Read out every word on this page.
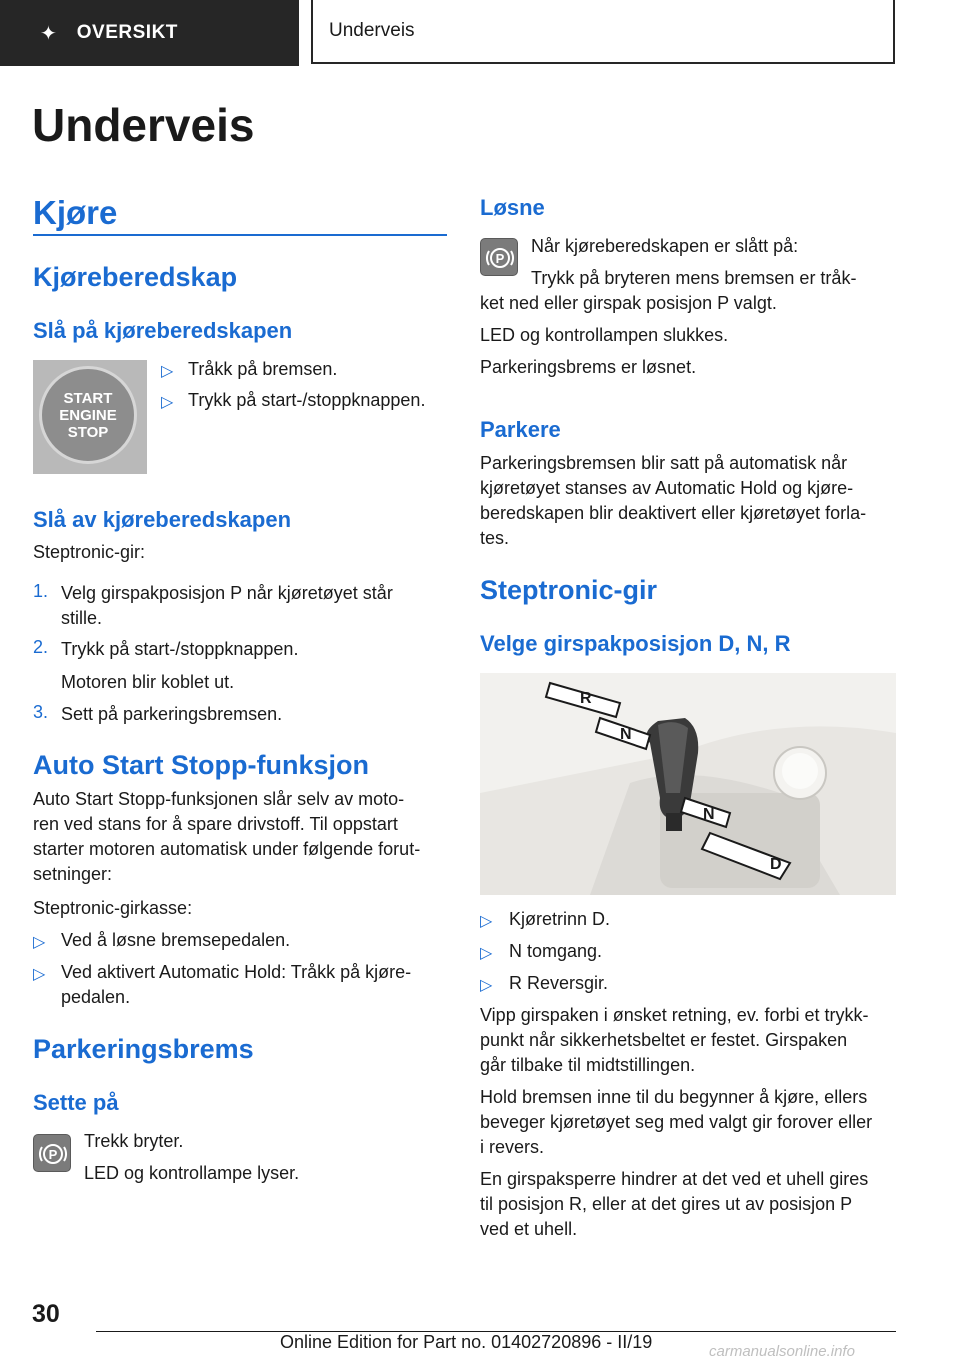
✦ OVERSIKT	Underveis
Underveis
Kjøre
Kjøreberedskap
Slå på kjøreberedskapen
START
ENGINE
STOP
▷ Tråkk på bremsen.

▷ Trykk på start-/stoppknappen.

Slå av kjøreberedskapen

Steptronic-gir:

1. Velg girspakposisjon P når kjøretøyet står

stille.

2. Trykk på start-/stoppknappen.

Motoren blir koblet ut.

3. Sett på parkeringsbremsen.

Auto Start Stopp-funksjon

Auto Start Stopp-funksjonen slår selv av moto-

ren ved stans for å spare drivstoff. Til oppstart

starter motoren automatisk under følgende forut-

setninger:

Steptronic-girkasse:

▷ Ved å løsne bremsepedalen.

▷ Ved aktivert Automatic Hold: Tråkk på kjøre-

pedalen.

Parkeringsbrems
Sette på
P

Trekk bryter.

LED og kontrollampe lyser.

Løsne
P

Når kjøreberedskapen er slått på:

Trykk på bryteren mens bremsen er tråk-

ket ned eller girspak posisjon P valgt.

LED og kontrollampen slukkes.

Parkeringsbrems er løsnet.

Parkere

Parkeringsbremsen blir satt på automatisk når

kjøretøyet stanses av Automatic Hold og kjøre-

beredskapen blir deaktivert eller kjøretøyet forla-

tes.

Steptronic-gir
Velge girspakposisjon D, N, R
R
N
N
D
▷ Kjøretrinn D.

▷ N tomgang.

▷ R Reversgir.

Vipp girspaken i ønsket retning, ev. forbi et trykk-

punkt når sikkerhetsbeltet er festet. Girspaken

går tilbake til midtstillingen.

Hold bremsen inne til du begynner å kjøre, ellers

beveger kjøretøyet seg med valgt gir forover eller

i revers.

En girspaksperre hindrer at det ved et uhell gires

til posisjon R, eller at det gires ut av posisjon P

ved et uhell.

30
Online Edition for Part no. 01402720896 - II/19	carmanualsonline.info
